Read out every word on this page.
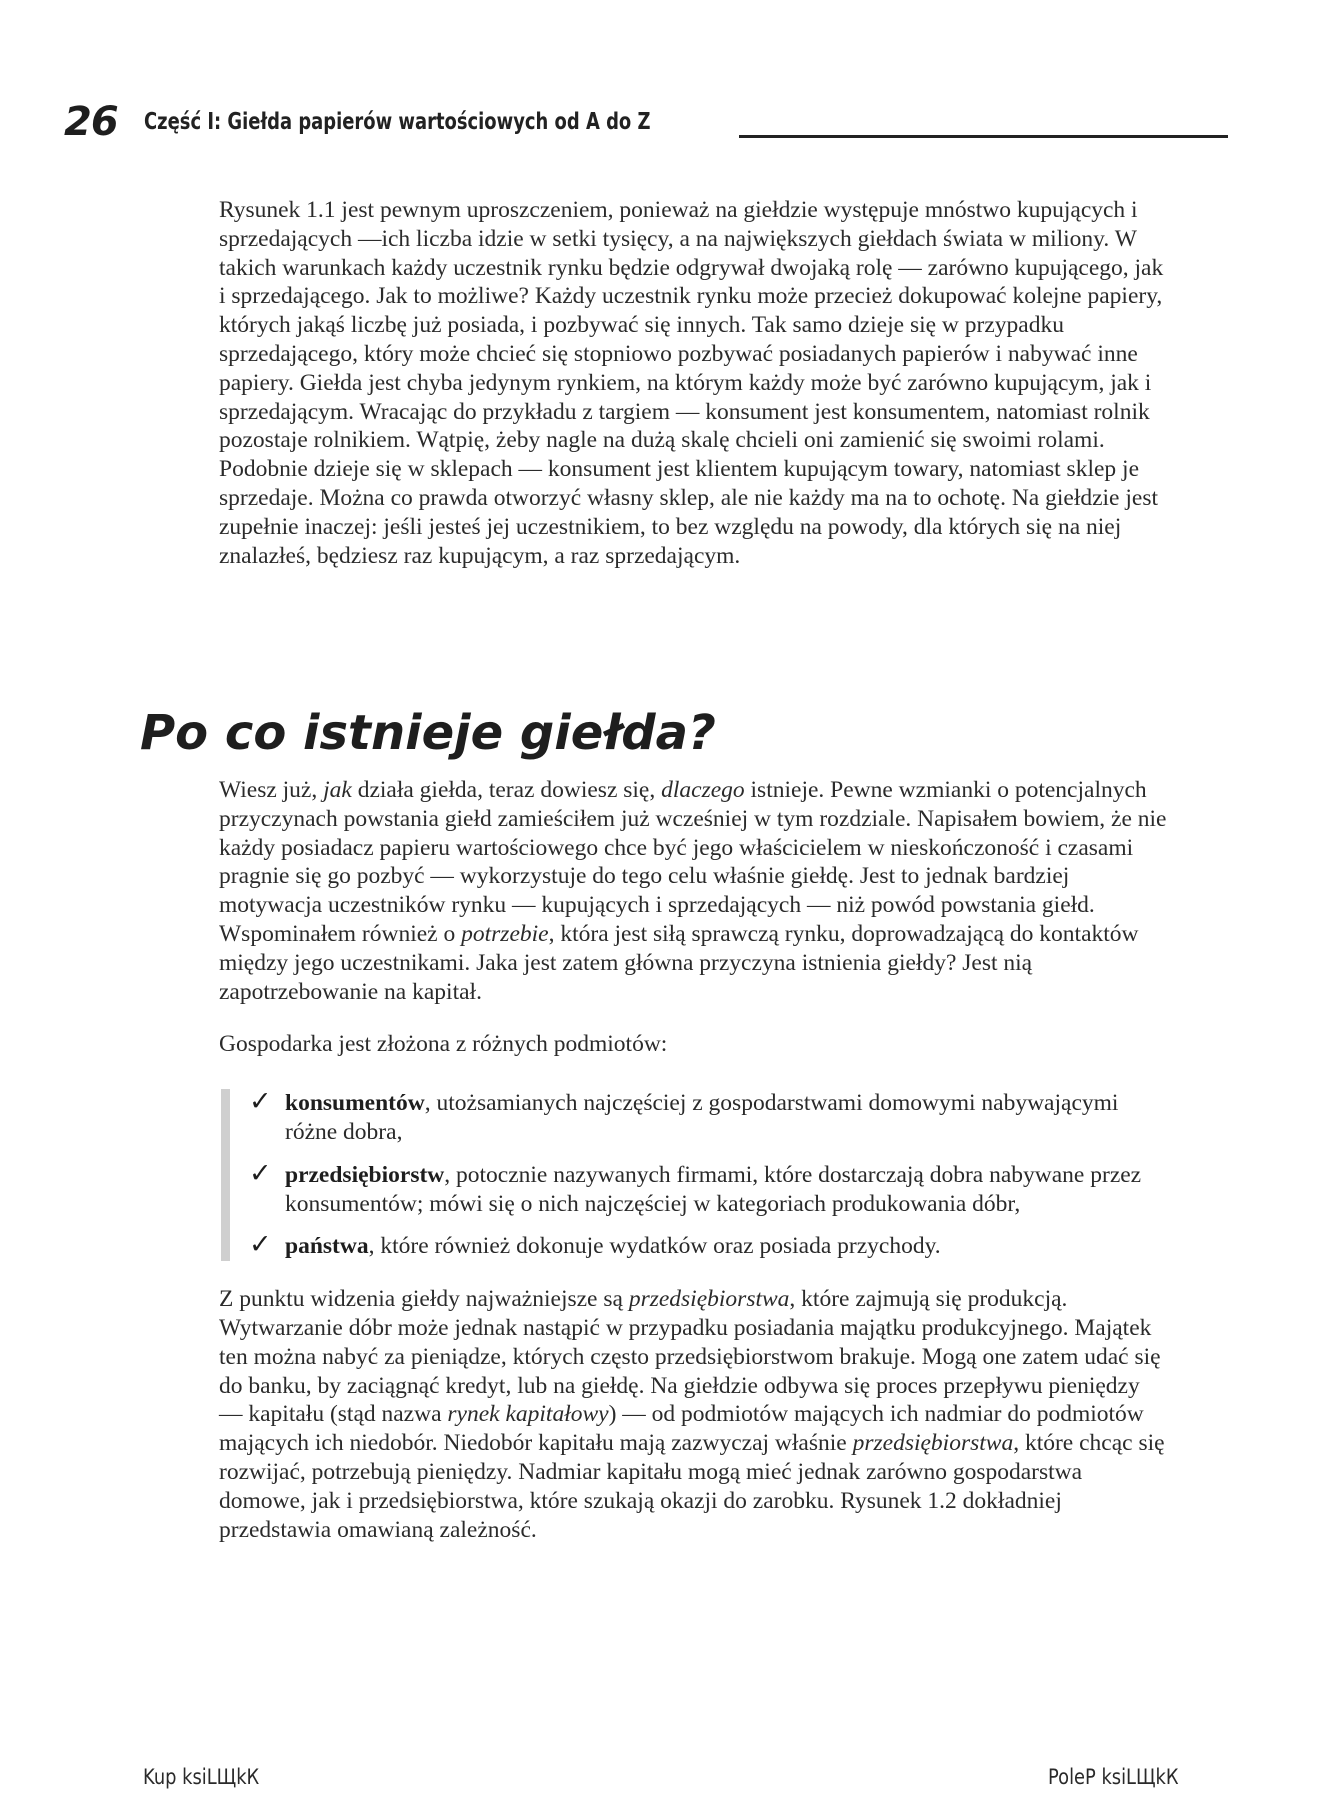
26 Część I: Giełda papierów wartościowych od A do Z

Rysunek 1.1 jest pewnym uproszczeniem, ponieważ na giełdzie występuje mnóstwo kupujących i sprzedających —ich liczba idzie w setki tysięcy, a na największych giełdach świata w miliony. W takich warunkach każdy uczestnik rynku będzie odgrywał dwojaką rolę — zarówno kupującego, jak i sprzedającego. Jak to możliwe? Każdy uczestnik rynku może przecież dokupować kolejne papiery, których jakąś liczbę już posiada, i pozbywać się innych. Tak samo dzieje się w przypadku sprzedającego, który może chcieć się stopniowo pozbywać posiadanych papierów i nabywać inne papiery. Giełda jest chyba jedynym rynkiem, na którym każdy może być zarówno kupującym, jak i sprzedającym. Wracając do przykładu z targiem — konsument jest konsumentem, natomiast rolnik pozostaje rolnikiem. Wątpię, żeby nagle na dużą skalę chcieli oni zamienić się swoimi rolami. Podobnie dzieje się w sklepach — konsument jest klientem kupującym towary, natomiast sklep je sprzedaje. Można co prawda otworzyć własny sklep, ale nie każdy ma na to ochotę. Na giełdzie jest zupełnie inaczej: jeśli jesteś jej uczestnikiem, to bez względu na powody, dla których się na niej znalazłeś, będziesz raz kupującym, a raz sprzedającym.

Po co istnieje giełda?

Wiesz już, jak działa giełda, teraz dowiesz się, dlaczego istnieje. Pewne wzmianki o potencjalnych przyczynach powstania giełd zamieściłem już wcześniej w tym rozdziale. Napisałem bowiem, że nie każdy posiadacz papieru wartościowego chce być jego właścicielem w nieskończoność i czasami pragnie się go pozbyć — wykorzystuje do tego celu właśnie giełdę. Jest to jednak bardziej motywacja uczestników rynku — kupujących i sprzedających — niż powód powstania giełd. Wspominałem również o potrzebie, która jest siłą sprawczą rynku, doprowadzającą do kontaktów między jego uczestnikami. Jaka jest zatem główna przyczyna istnienia giełdy? Jest nią zapotrzebowanie na kapitał.

Gospodarka jest złożona z różnych podmiotów:

✓ konsumentów, utożsamianych najczęściej z gospodarstwami domowymi nabywającymi różne dobra,
✓ przedsiębiorstw, potocznie nazywanych firmami, które dostarczają dobra nabywane przez konsumentów; mówi się o nich najczęściej w kategoriach produkowania dóbr,
✓ państwa, które również dokonuje wydatków oraz posiada przychody.

Z punktu widzenia giełdy najważniejsze są przedsiębiorstwa, które zajmują się produkcją. Wytwarzanie dóbr może jednak nastąpić w przypadku posiadania majątku produkcyjnego. Majątek ten można nabyć za pieniądze, których często przedsiębiorstwom brakuje. Mogą one zatem udać się do banku, by zaciągnąć kredyt, lub na giełdę. Na giełdzie odbywa się proces przepływu pieniędzy — kapitału (stąd nazwa rynek kapitałowy) — od podmiotów mających ich nadmiar do podmiotów mających ich niedobór. Niedobór kapitału mają zazwyczaj właśnie przedsiębiorstwa, które chcąc się rozwijać, potrzebują pieniędzy. Nadmiar kapitału mogą mieć jednak zarówno gospodarstwa domowe, jak i przedsiębiorstwa, które szukają okazji do zarobku. Rysunek 1.2 dokładniej przedstawia omawianą zależność.

Kup ksiLЩkК	PoleP ksiLЩkК
